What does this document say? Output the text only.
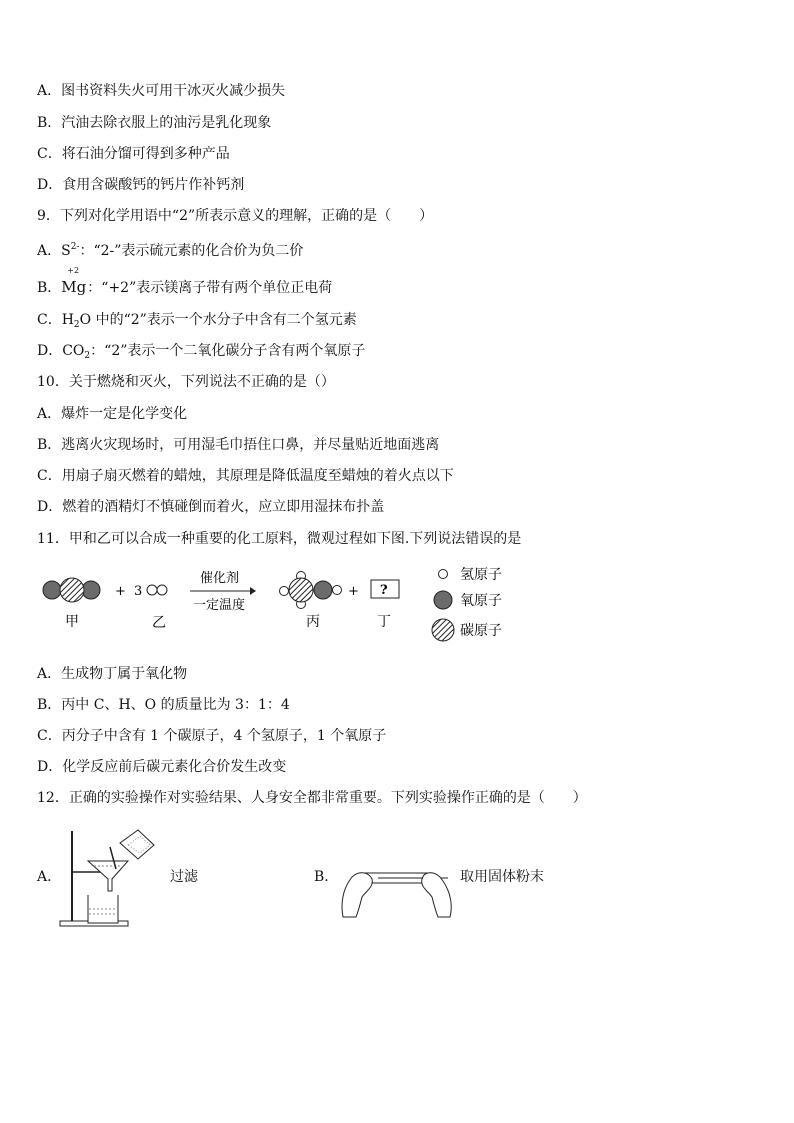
A．图书资料失火可用干冰灭火减少损失
B．汽油去除衣服上的油污是乳化现象
C．将石油分馏可得到多种产品
D．食用含碳酸钙的钙片作补钙剂
9．下列对化学用语中“2”所表示意义的理解，正确的是（　　）
A．$S^{2-}$：“2-”表示硫元素的化合价为负二价
B．
+2
Mg ：“+2”表示镁离子带有两个单位正电荷
C．$H_2O$ 中的“2”表示一个水分子中含有二个氢元素
D．$CO_2$：“2”表示一个二氧化碳分子含有两个氧原子
10．关于燃烧和灭火，下列说法不正确的是（）
A．爆炸一定是化学变化
B．逃离火灾现场时，可用湿毛巾捂住口鼻，并尽量贴近地面逃离
C．用扇子扇灭燃着的蜡烛，其原理是降低温度至蜡烛的着火点以下
D．燃着的酒精灯不慎碰倒而着火，应立即用湿抹布扑盖
11．甲和乙可以合成一种重要的化工原料，微观过程如下图.下列说法错误的是
+ 3
催化剂
一定温度
+ ?
甲	乙	丙	丁
氢原子
氧原子
碳原子
A．生成物丁属于氧化物
B．丙中 C、H、O 的质量比为 3：1：4
C．丙分子中含有 1 个碳原子，4 个氢原子，1 个氧原子
D．化学反应前后碳元素化合价发生改变
12．正确的实验操作对实验结果、人身安全都非常重要。下列实验操作正确的是（　　）
A．	过滤	B．	取用固体粉末
